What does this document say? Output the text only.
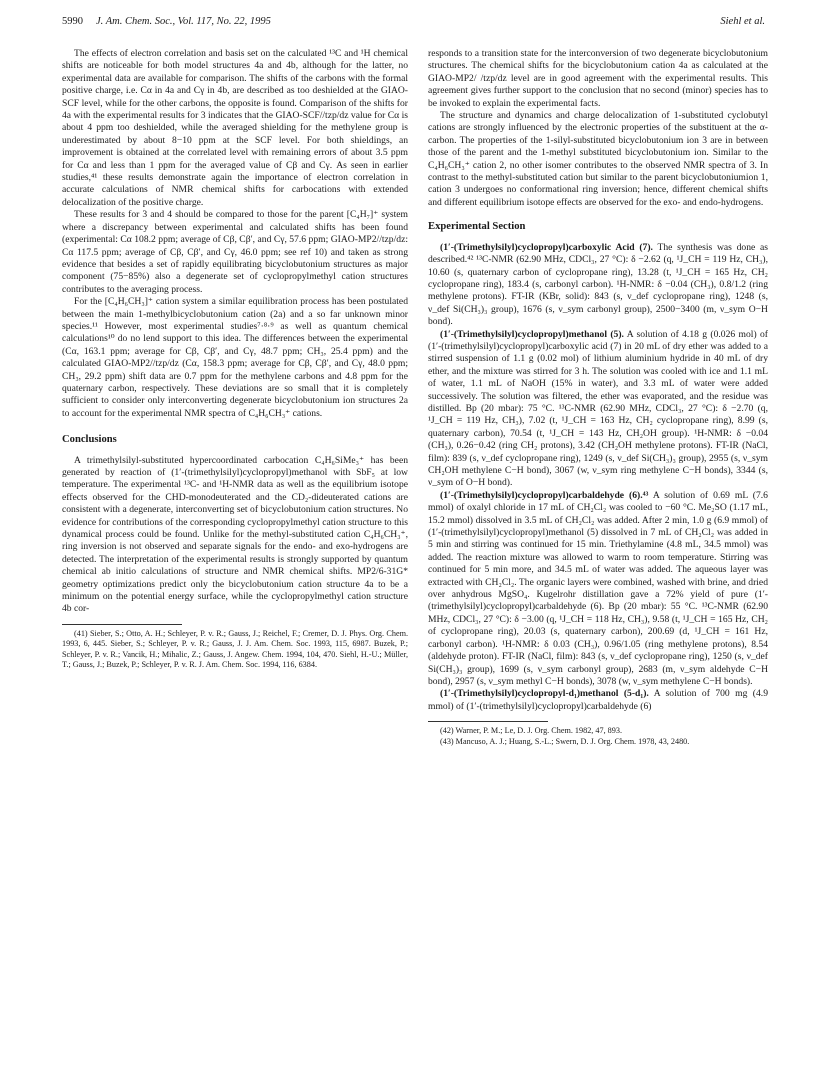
5990 J. Am. Chem. Soc., Vol. 117, No. 22, 1995	Siehl et al.

The effects of electron correlation and basis set on the calculated ¹³C and ¹H chemical shifts are noticeable for both model structures 4a and 4b, although for the latter, no experimental data are available for comparison. The shifts of the carbons with the formal positive charge, i.e. Cα in 4a and Cγ in 4b, are described as too deshielded at the GIAO-SCF level, while for the other carbons, the opposite is found. Comparison of the shifts for 4a with the experimental results for 3 indicates that the GIAO-SCF//tzp/dz value for Cα is about 4 ppm too deshielded, while the averaged shielding for the methylene group is underestimated by about 8−10 ppm at the SCF level. For both shieldings, an improvement is obtained at the correlated level with remaining errors of about 3.5 ppm for Cα and less than 1 ppm for the averaged value of Cβ and Cγ. As seen in earlier studies,⁴¹ these results demonstrate again the importance of electron correlation in accurate calculations of NMR chemical shifts for carbocations with extended delocalization of the positive charge.

These results for 3 and 4 should be compared to those for the parent [C₄H₇]⁺ system where a discrepancy between experimental and calculated shifts has been found (experimental: Cα 108.2 ppm; average of Cβ, Cβ′, and Cγ, 57.6 ppm; GIAO-MP2//tzp/dz: Cα 117.5 ppm; average of Cβ, Cβ′, and Cγ, 46.0 ppm; see ref 10) and taken as strong evidence that besides a set of rapidly equilibrating bicyclobutonium structures as major component (75−85%) also a degenerate set of cyclopropylmethyl cation structures contributes to the averaging process.

For the [C₄H₆CH₃]⁺ cation system a similar equilibration process has been postulated between the main 1-methylbicyclobutonium cation (2a) and a so far unknown minor species.¹¹ However, most experimental studies⁷·⁸·⁹ as well as quantum chemical calculations¹⁰ do no lend support to this idea. The differences between the experimental (Cα, 163.1 ppm; average for Cβ, Cβ′, and Cγ, 48.7 ppm; CH₃, 25.4 ppm) and the calculated GIAO-MP2//tzp/dz (Cα, 158.3 ppm; average for Cβ, Cβ′, and Cγ, 48.0 ppm; CH₃, 29.2 ppm) shift data are 0.7 ppm for the methylene carbons and 4.8 ppm for the quaternary carbon, respectively. These deviations are so small that it is completely sufficient to consider only interconverting degenerate bicyclobutonium ion structures 2a to account for the experimental NMR spectra of C₄H₆CH₃⁺ cations.

Conclusions

A trimethylsilyl-substituted hypercoordinated carbocation C₄H₆SiMe₃⁺ has been generated by reaction of (1′-(trimethylsilyl)cyclopropyl)methanol with SbF₅ at low temperature. The experimental ¹³C- and ¹H-NMR data as well as the equilibrium isotope effects observed for the CHD-monodeuterated and the CD₂-dideuterated cations are consistent with a degenerate, interconverting set of bicyclobutonium cation structures. No evidence for contributions of the corresponding cyclopropylmethyl cation structure to this dynamical process could be found. Unlike for the methyl-substituted cation C₄H₆CH₃⁺, ring inversion is not observed and separate signals for the endo- and exo-hydrogens are detected. The interpretation of the experimental results is strongly supported by quantum chemical ab initio calculations of structure and NMR chemical shifts. MP2/6-31G* geometry optimizations predict only the bicyclobutonium cation structure 4a to be a minimum on the potential energy surface, while the cyclopropylmethyl cation structure 4b cor-

(41) Sieber, S.; Otto, A. H.; Schleyer, P. v. R.; Gauss, J.; Reichel, F.; Cremer, D. J. Phys. Org. Chem. 1993, 6, 445. Sieber, S.; Schleyer, P. v. R.; Gauss, J. J. Am. Chem. Soc. 1993, 115, 6987. Buzek, P.; Schleyer, P. v. R.; Vancik, H.; Mihalic, Z.; Gauss, J. Angew. Chem. 1994, 104, 470. Siehl, H.-U.; Müller, T.; Gauss, J.; Buzek, P.; Schleyer, P. v. R. J. Am. Chem. Soc. 1994, 116, 6384.

responds to a transition state for the interconversion of two degenerate bicyclobutonium structures. The chemical shifts for the bicyclobutonium cation 4a as calculated at the GIAO-MP2/ /tzp/dz level are in good agreement with the experimental results. This agreement gives further support to the conclusion that no second (minor) species has to be invoked to explain the experimental facts.

The structure and dynamics and charge delocalization of 1-substituted cyclobutyl cations are strongly influenced by the electronic properties of the substituent at the α-carbon. The properties of the 1-silyl-substituted bicyclobutonium ion 3 are in between those of the parent and the 1-methyl substituted bicyclobutonium ion. Similar to the C₄H₆CH₃⁺ cation 2, no other isomer contributes to the observed NMR spectra of 3. In contrast to the methyl-substituted cation but similar to the parent bicyclobutoniumion 1, cation 3 undergoes no conformational ring inversion; hence, different chemical shifts and different equilibrium isotope effects are observed for the exo- and endo-hydrogens.

Experimental Section

(1′-(Trimethylsilyl)cyclopropyl)carboxylic Acid (7). The synthesis was done as described.⁴² ¹³C-NMR (62.90 MHz, CDCl₃, 27 °C): δ −2.62 (q, ¹J_CH = 119 Hz, CH₃), 10.60 (s, quaternary carbon of cyclopropane ring), 13.28 (t, ¹J_CH = 165 Hz, CH₂ cyclopropane ring), 183.4 (s, carbonyl carbon). ¹H-NMR: δ −0.04 (CH₃), 0.8/1.2 (ring methylene protons). FT-IR (KBr, solid): 843 (s, ν_def cyclopropane ring), 1248 (s, ν_def Si(CH₃)₃ group), 1676 (s, ν_sym carbonyl group), 2500−3400 (m, ν_sym O−H bond).

(1′-(Trimethylsilyl)cyclopropyl)methanol (5). A solution of 4.18 g (0.026 mol) of (1′-(trimethylsilyl)cyclopropyl)carboxylic acid (7) in 20 mL of dry ether was added to a stirred suspension of 1.1 g (0.02 mol) of lithium aluminium hydride in 40 mL of dry ether, and the mixture was stirred for 3 h. The solution was cooled with ice and 1.1 mL of water, 1.1 mL of NaOH (15% in water), and 3.3 mL of water were added successively. The solution was filtered, the ether was evaporated, and the residue was distilled. Bp (20 mbar): 75 °C. ¹³C-NMR (62.90 MHz, CDCl₃, 27 °C): δ −2.70 (q, ¹J_CH = 119 Hz, CH₃), 7.02 (t, ¹J_CH = 163 Hz, CH₂ cyclopropane ring), 8.99 (s, quaternary carbon), 70.54 (t, ¹J_CH = 143 Hz, CH₂OH group). ¹H-NMR: δ −0.04 (CH₃), 0.26−0.42 (ring CH₂ protons), 3.42 (CH₂OH methylene protons). FT-IR (NaCl, film): 839 (s, ν_def cyclopropane ring), 1249 (s, ν_def Si(CH₃)₃ group), 2955 (s, ν_sym CH₂OH methylene C−H bond), 3067 (w, ν_sym ring methylene C−H bonds), 3344 (s, ν_sym of O−H bond).

(1′-(Trimethylsilyl)cyclopropyl)carbaldehyde (6).⁴³ A solution of 0.69 mL (7.6 mmol) of oxalyl chloride in 17 mL of CH₂Cl₂ was cooled to −60 °C. Me₂SO (1.17 mL, 15.2 mmol) dissolved in 3.5 mL of CH₂Cl₂ was added. After 2 min, 1.0 g (6.9 mmol) of (1′-(trimethylsilyl)cyclopropyl)methanol (5) dissolved in 7 mL of CH₂Cl₂ was added in 5 min and stirring was continued for 15 min. Triethylamine (4.8 mL, 34.5 mmol) was added. The reaction mixture was allowed to warm to room temperature. Stirring was continued for 5 min more, and 34.5 mL of water was added. The aqueous layer was extracted with CH₂Cl₂. The organic layers were combined, washed with brine, and dried over anhydrous MgSO₄. Kugelrohr distillation gave a 72% yield of pure (1′-(trimethylsilyl)cyclopropyl)carbaldehyde (6). Bp (20 mbar): 55 °C. ¹³C-NMR (62.90 MHz, CDCl₃, 27 °C): δ −3.00 (q, ¹J_CH = 118 Hz, CH₃), 9.58 (t, ¹J_CH = 165 Hz, CH₂ of cyclopropane ring), 20.03 (s, quaternary carbon), 200.69 (d, ¹J_CH = 161 Hz, carbonyl carbon). ¹H-NMR: δ 0.03 (CH₃), 0.96/1.05 (ring methylene protons), 8.54 (aldehyde proton). FT-IR (NaCl, film): 843 (s, ν_def cyclopropane ring), 1250 (s, ν_def Si(CH₃)₃ group), 1699 (s, ν_sym carbonyl group), 2683 (m, ν_sym aldehyde C−H bond), 2957 (s, ν_sym methyl C−H bonds), 3078 (w, ν_sym methylene C−H bonds).

(1′-(Trimethylsilyl)cyclopropyl-d₁)methanol (5-d₁). A solution of 700 mg (4.9 mmol) of (1′-(trimethylsilyl)cyclopropyl)carbaldehyde (6)

(42) Warner, P. M.; Le, D. J. Org. Chem. 1982, 47, 893.

(43) Mancuso, A. J.; Huang, S.-L.; Swern, D. J. Org. Chem. 1978, 43, 2480.
